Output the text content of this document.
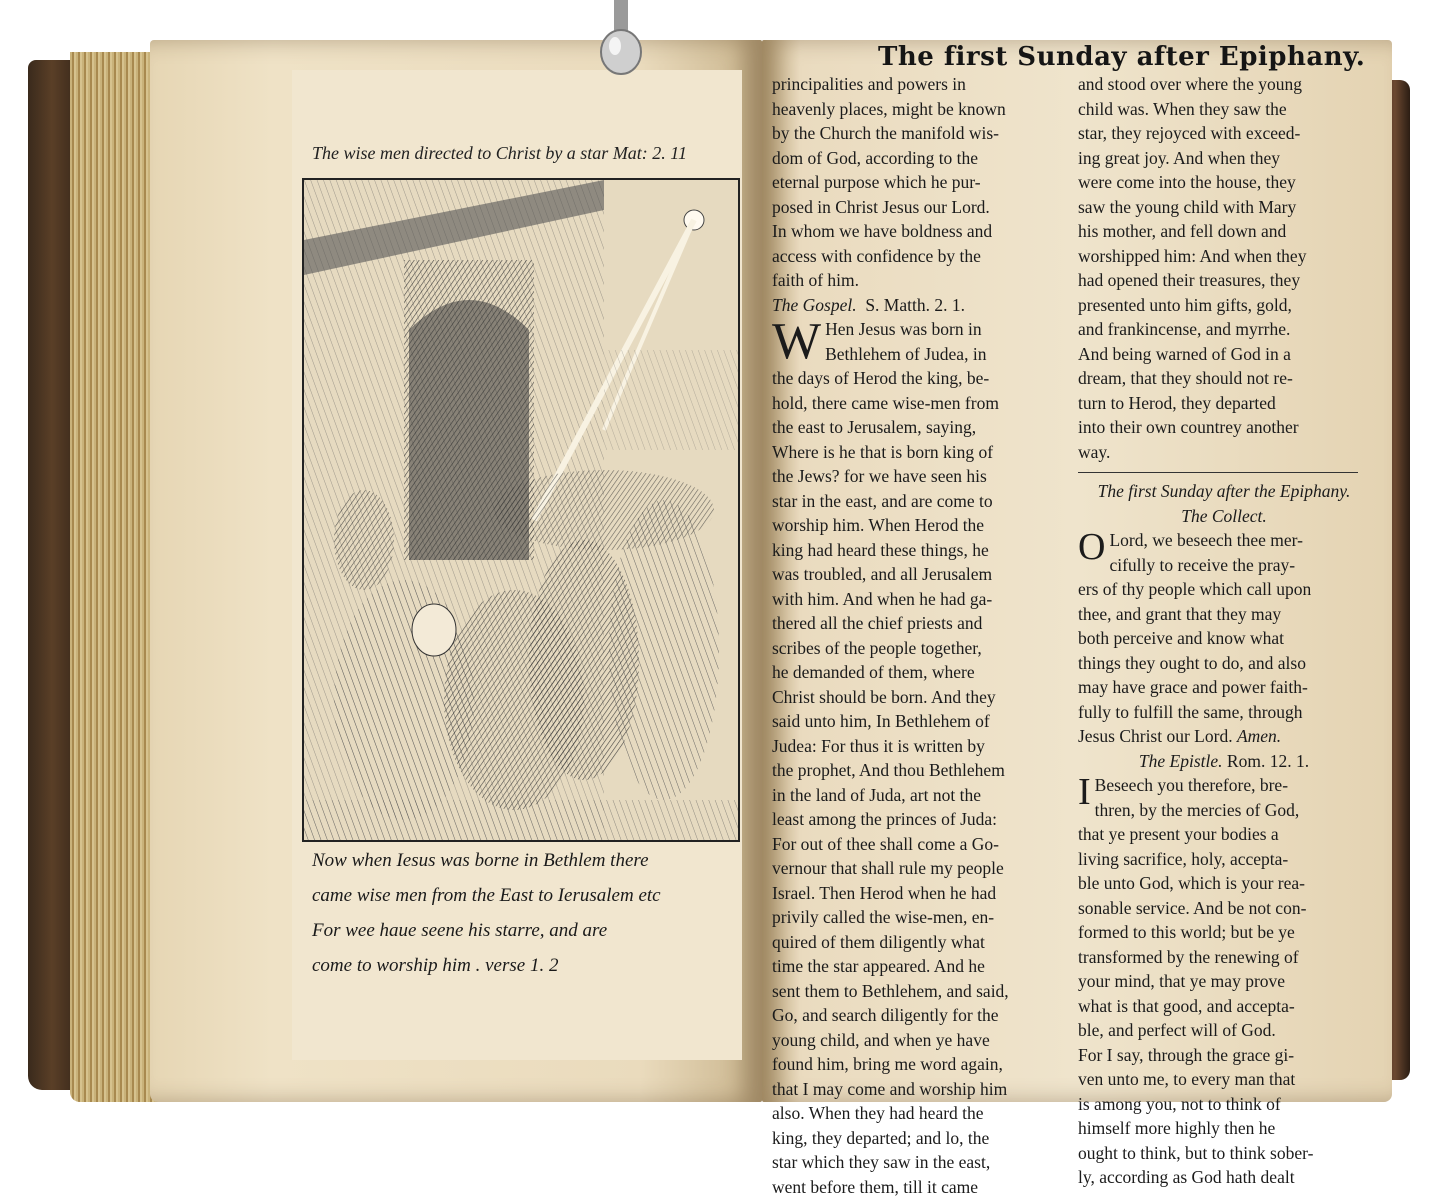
The wise men directed to Christ by a star Mat: 2. 11
Now when Iesus was borne in Bethlem there
came wise men from the East to Ierusalem etc
For wee haue seene his starre, and are
come to worship him . verse 1. 2
The first Sunday after Epiphany.
principalities and powers in
heavenly places, might be known
by the Church the manifold wis-
dom of God, according to the
eternal purpose which he pur-
posed in Christ Jesus our Lord.
In whom we have boldness and
access with confidence by the
faith of him.
The Gospel. S. Matth. 2. 1.
W Hen Jesus was born in
Bethlehem of Judea, in
the days of Herod the king, be-
hold, there came wise-men from
the east to Jerusalem, saying,
Where is he that is born king of
the Jews? for we have seen his
star in the east, and are come to
worship him. When Herod the
king had heard these things, he
was troubled, and all Jerusalem
with him. And when he had ga-
thered all the chief priests and
scribes of the people together,
he demanded of them, where
Christ should be born. And they
said unto him, In Bethlehem of
Judea: For thus it is written by
the prophet, And thou Bethlehem
in the land of Juda, art not the
least among the princes of Juda:
For out of thee shall come a Go-
vernour that shall rule my people
Israel. Then Herod when he had
privily called the wise-men, en-
quired of them diligently what
time the star appeared. And he
sent them to Bethlehem, and said,
Go, and search diligently for the
young child, and when ye have
found him, bring me word again,
that I may come and worship him
also. When they had heard the
king, they departed; and lo, the
star which they saw in the east,
went before them, till it came
and stood over where the young
child was. When they saw the
star, they rejoyced with exceed-
ing great joy. And when they
were come into the house, they
saw the young child with Mary
his mother, and fell down and
worshipped him: And when they
had opened their treasures, they
presented unto him gifts, gold,
and frankincense, and myrrhe.
And being warned of God in a
dream, that they should not re-
turn to Herod, they departed
into their own countrey another
way.
The first Sunday after the Epiphany.
The Collect.
O Lord, we beseech thee mer-
cifully to receive the pray-
ers of thy people which call upon
thee, and grant that they may
both perceive and know what
things they ought to do, and also
may have grace and power faith-
fully to fulfill the same, through
Jesus Christ our Lord. Amen.
The Epistle. Rom. 12. 1.
I Beseech you therefore, bre-
thren, by the mercies of God,
that ye present your bodies a
living sacrifice, holy, accepta-
ble unto God, which is your rea-
sonable service. And be not con-
formed to this world; but be ye
transformed by the renewing of
your mind, that ye may prove
what is that good, and accepta-
ble, and perfect will of God.
For I say, through the grace gi-
ven unto me, to every man that
is among you, not to think of
himself more highly then he
ought to think, but to think sober-
ly, according as God hath dealt
